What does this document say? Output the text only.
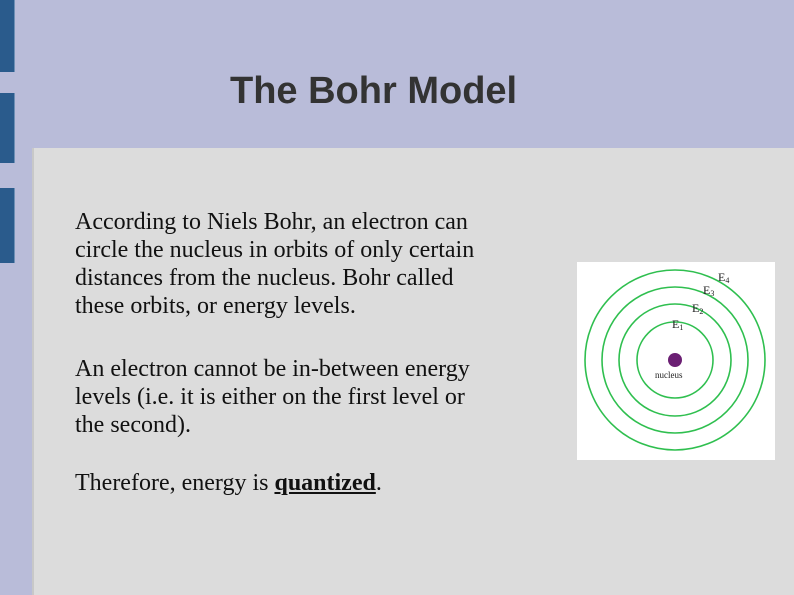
The Bohr Model

According to Niels Bohr, an electron can
circle the nucleus in orbits of only certain
distances from the nucleus. Bohr called
these orbits, or energy levels.

An electron cannot be in-between energy
levels (i.e. it is either on the first level or
the second).

Therefore, energy is quantized.

nucleus
E1
E2
E3
E4
